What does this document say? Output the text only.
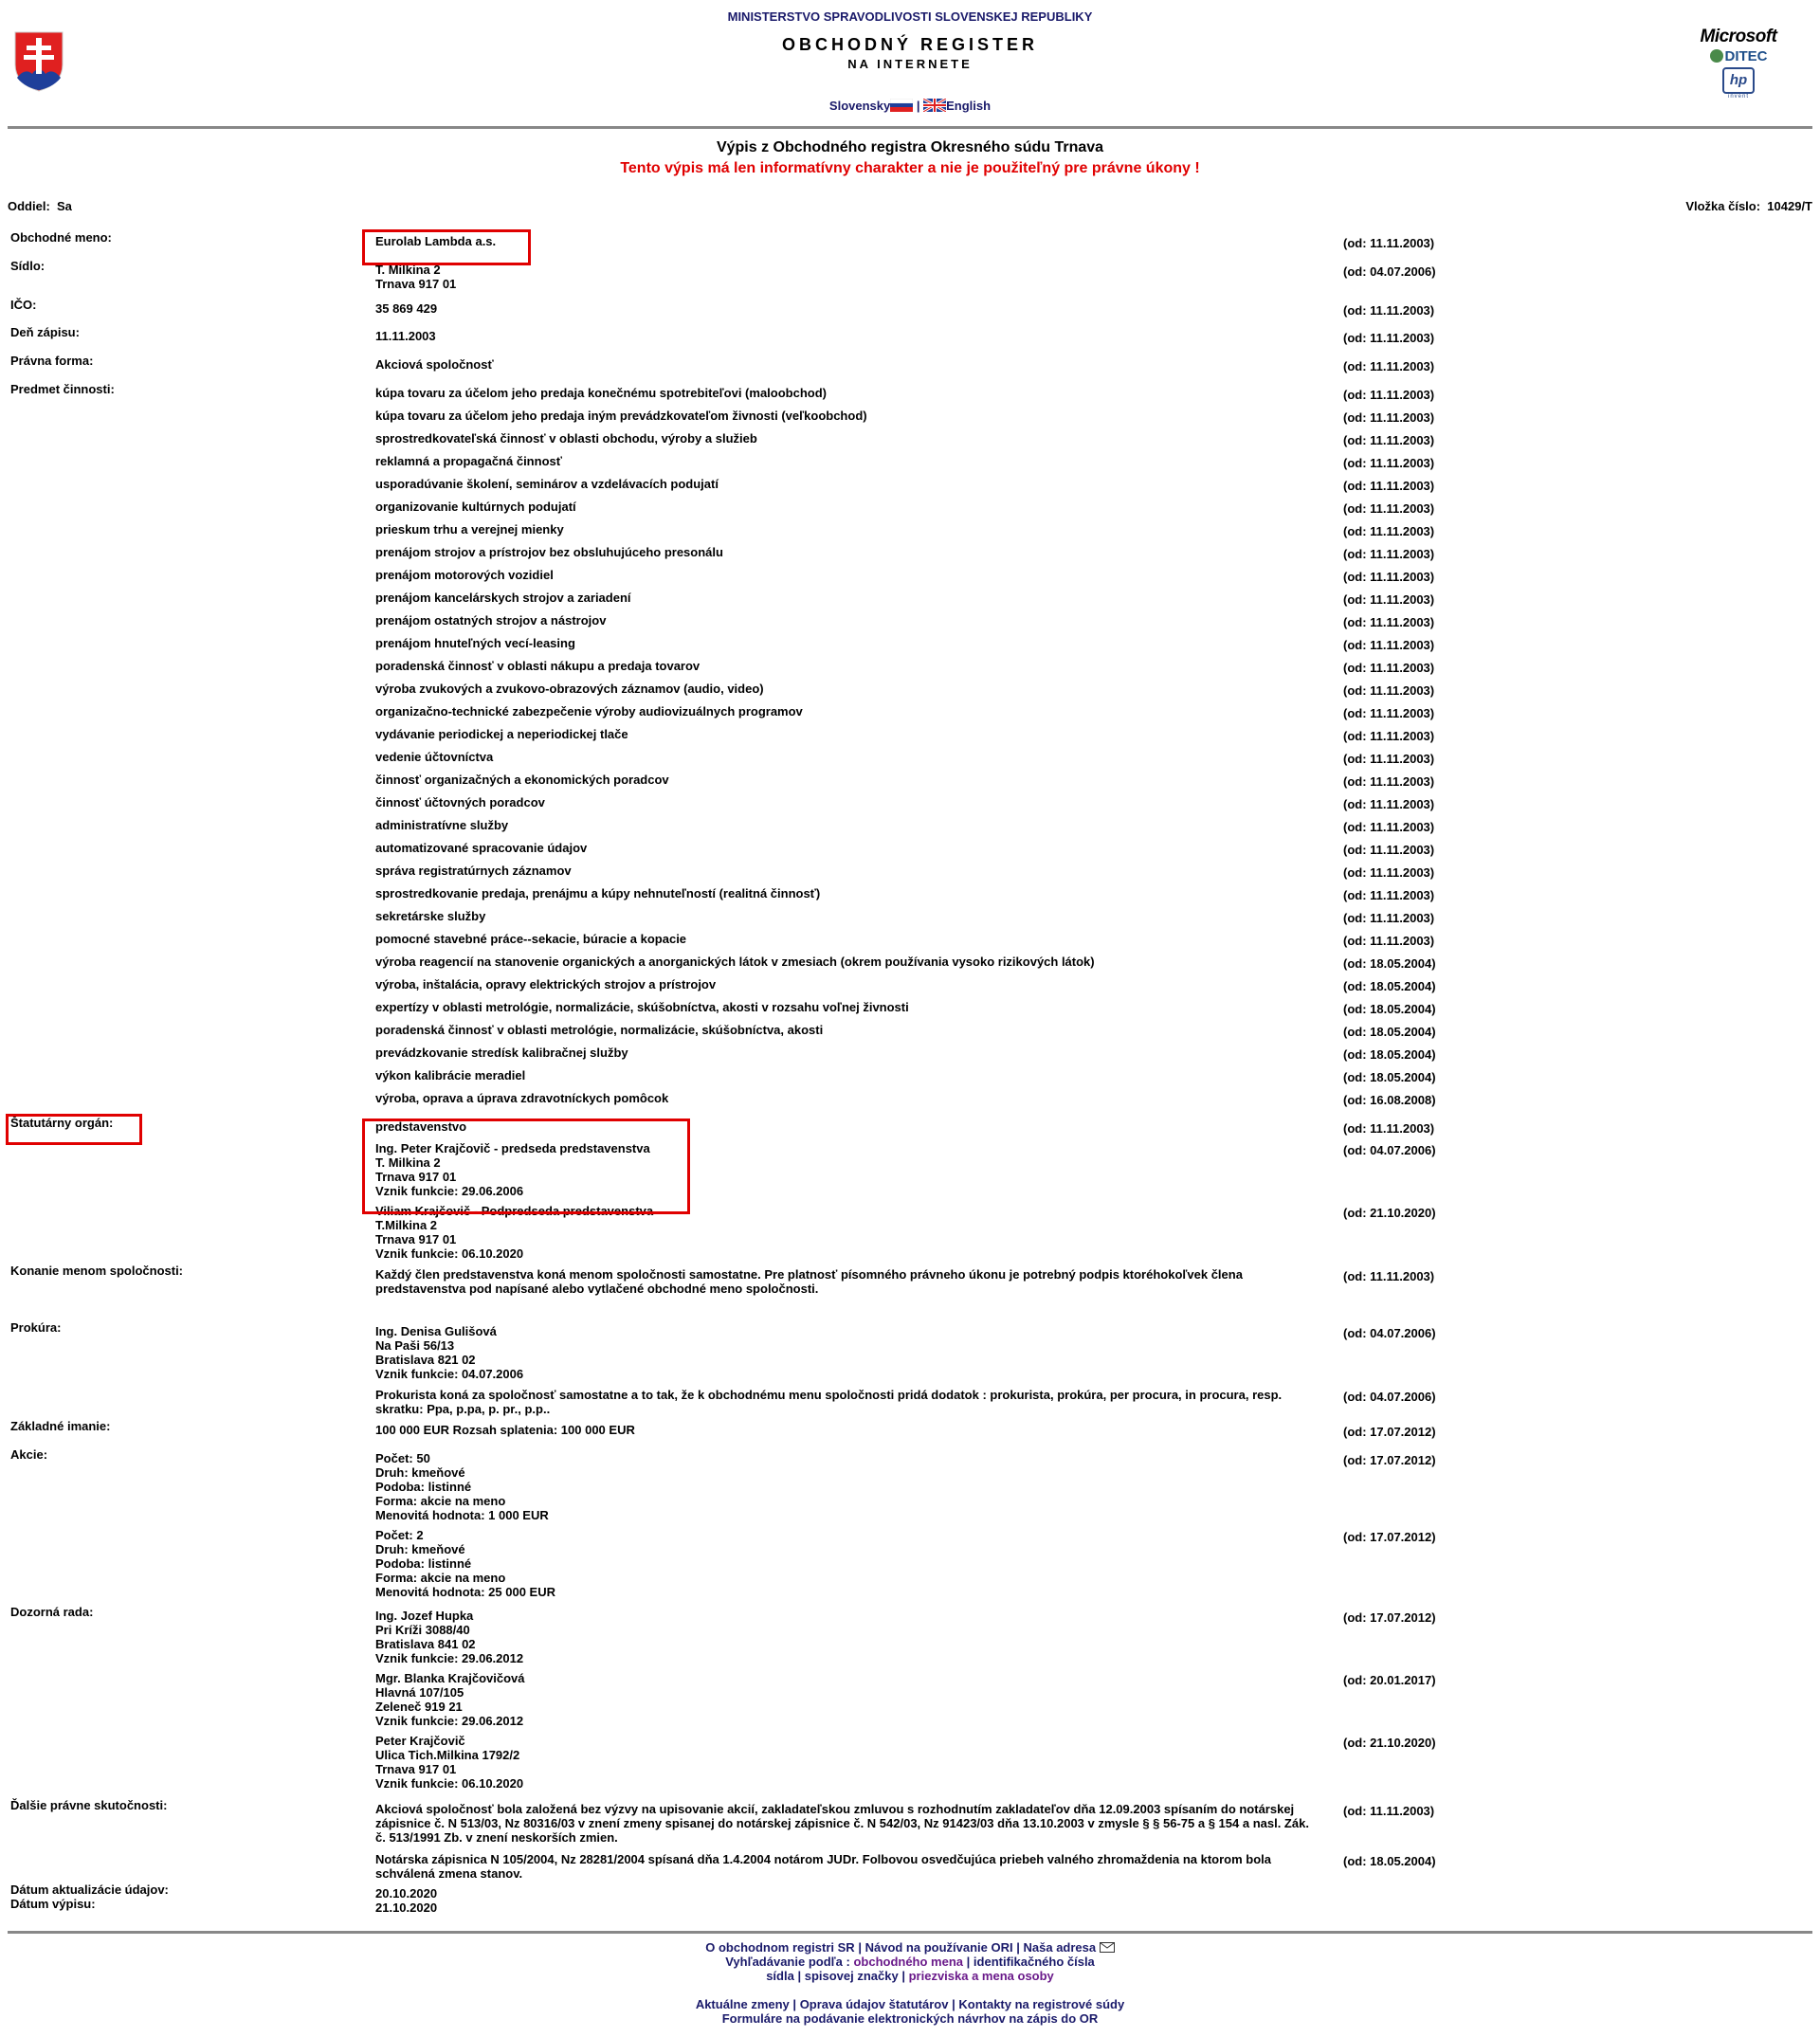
MINISTERSTVO SPRAVODLIVOSTI SLOVENSKEJ REPUBLIKY
OBCHODNÝ REGISTER
NA INTERNETE
Slovensky | English
Microsoft
DITEC
hp
invent
Výpis z Obchodného registra Okresného súdu Trnava
Tento výpis má len informatívny charakter a nie je použiteľný pre právne úkony !
Oddiel: Sa	Vložka číslo: 10429/T
Obchodné meno:	Eurolab Lambda a.s.	(od: 11.11.2003)
Sídlo:	T. Milkina 2
Trnava 917 01
(od: 04.07.2006)
IČO:	35 869 429	(od: 11.11.2003)
Deň zápisu:	11.11.2003	(od: 11.11.2003)
Právna forma:	Akciová spoločnosť	(od: 11.11.2003)
Predmet činnosti:	kúpa tovaru za účelom jeho predaja konečnému spotrebiteľovi (maloobchod)	(od: 11.11.2003)
kúpa tovaru za účelom jeho predaja iným prevádzkovateľom živnosti (veľkoobchod)	(od: 11.11.2003)
sprostredkovateľská činnosť v oblasti obchodu, výroby a služieb	(od: 11.11.2003)
reklamná a propagačná činnosť	(od: 11.11.2003)
usporadúvanie školení, seminárov a vzdelávacích podujatí	(od: 11.11.2003)
organizovanie kultúrnych podujatí	(od: 11.11.2003)
prieskum trhu a verejnej mienky	(od: 11.11.2003)
prenájom strojov a prístrojov bez obsluhujúceho presonálu	(od: 11.11.2003)
prenájom motorových vozidiel	(od: 11.11.2003)
prenájom kancelárskych strojov a zariadení	(od: 11.11.2003)
prenájom ostatných strojov a nástrojov	(od: 11.11.2003)
prenájom hnuteľných vecí-leasing	(od: 11.11.2003)
poradenská činnosť v oblasti nákupu a predaja tovarov	(od: 11.11.2003)
výroba zvukových a zvukovo-obrazových záznamov (audio, video)	(od: 11.11.2003)
organizačno-technické zabezpečenie výroby audiovizuálnych programov	(od: 11.11.2003)
vydávanie periodickej a neperiodickej tlače	(od: 11.11.2003)
vedenie účtovníctva	(od: 11.11.2003)
činnosť organizačných a ekonomických poradcov	(od: 11.11.2003)
činnosť účtovných poradcov	(od: 11.11.2003)
administratívne služby	(od: 11.11.2003)
automatizované spracovanie údajov	(od: 11.11.2003)
správa registratúrnych záznamov	(od: 11.11.2003)
sprostredkovanie predaja, prenájmu a kúpy nehnuteľností (realitná činnosť)	(od: 11.11.2003)
sekretárske služby	(od: 11.11.2003)
pomocné stavebné práce--sekacie, búracie a kopacie	(od: 11.11.2003)
výroba reagencií na stanovenie organických a anorganických látok v zmesiach (okrem používania vysoko rizikových látok)	(od: 18.05.2004)
výroba, inštalácia, opravy elektrických strojov a prístrojov	(od: 18.05.2004)
expertízy v oblasti metrológie, normalizácie, skúšobníctva, akosti v rozsahu voľnej živnosti	(od: 18.05.2004)
poradenská činnosť v oblasti metrológie, normalizácie, skúšobníctva, akosti	(od: 18.05.2004)
prevádzkovanie stredísk kalibračnej služby	(od: 18.05.2004)
výkon kalibrácie meradiel	(od: 18.05.2004)
výroba, oprava a úprava zdravotníckych pomôcok	(od: 16.08.2008)
Štatutárny orgán:	predstavenstvo	(od: 11.11.2003)
Ing. Peter Krajčovič - predseda predstavenstva
T. Milkina 2
Trnava 917 01
Vznik funkcie: 29.06.2006
(od: 04.07.2006)
Viliam Krajčovič - Podpredseda predstavenstva
T.Milkina 2
Trnava 917 01
Vznik funkcie: 06.10.2020
(od: 21.10.2020)
Konanie menom spoločnosti:	Každý člen predstavenstva koná menom spoločnosti samostatne. Pre platnosť písomného právneho úkonu je potrebný podpis ktoréhokoľvek člena
predstavenstva pod napísané alebo vytlačené obchodné meno spoločnosti.
(od: 11.11.2003)
Prokúra:	Ing. Denisa Gulišová
Na Paši 56/13
Bratislava 821 02
Vznik funkcie: 04.07.2006
(od: 04.07.2006)
Prokurista koná za spoločnosť samostatne a to tak, že k obchodnému menu spoločnosti pridá dodatok : prokurista, prokúra, per procura, in procura, resp.
skratku: Ppa, p.pa, p. pr., p.p..
(od: 04.07.2006)
Základné imanie:	100 000 EUR Rozsah splatenia: 100 000 EUR	(od: 17.07.2012)
Akcie:	Počet: 50
Druh: kmeňové
Podoba: listinné
Forma: akcie na meno
Menovitá hodnota: 1 000 EUR
(od: 17.07.2012)
Počet: 2
Druh: kmeňové
Podoba: listinné
Forma: akcie na meno
Menovitá hodnota: 25 000 EUR
(od: 17.07.2012)
Dozorná rada:	Ing. Jozef Hupka
Pri Kríži 3088/40
Bratislava 841 02
Vznik funkcie: 29.06.2012
(od: 17.07.2012)
Mgr. Blanka Krajčovičová
Hlavná 107/105
Zeleneč 919 21
Vznik funkcie: 29.06.2012
(od: 20.01.2017)
Peter Krajčovič
Ulica Tich.Milkina 1792/2
Trnava 917 01
Vznik funkcie: 06.10.2020
(od: 21.10.2020)
Ďalšie právne skutočnosti:	Akciová spoločnosť bola založená bez výzvy na upisovanie akcií, zakladateľskou zmluvou s rozhodnutím zakladateľov dňa 12.09.2003 spísaním do notárskej
zápisnice č. N 513/03, Nz 80316/03 v znení zmeny spisanej do notárskej zápisnice č. N 542/03, Nz 91423/03 dňa 13.10.2003 v zmysle § § 56-75 a § 154 a nasl. Zák.
č. 513/1991 Zb. v znení neskorších zmien.
(od: 11.11.2003)
Notárska zápisnica N 105/2004, Nz 28281/2004 spísaná dňa 1.4.2004 notárom JUDr. Folbovou osvedčujúca priebeh valného zhromaždenia na ktorom bola
schválená zmena stanov.
(od: 18.05.2004)
Dátum aktualizácie údajov:	20.10.2020
Dátum výpisu:	21.10.2020
O obchodnom registri SR | Návod na používanie ORI | Naša adresa
Vyhľadávanie podľa : obchodného mena | identifikačného čísla
sídla | spisovej značky | priezviska a mena osoby
Aktuálne zmeny | Oprava údajov štatutárov | Kontakty na registrové súdy
Formuláre na podávanie elektronických návrhov na zápis do OR
